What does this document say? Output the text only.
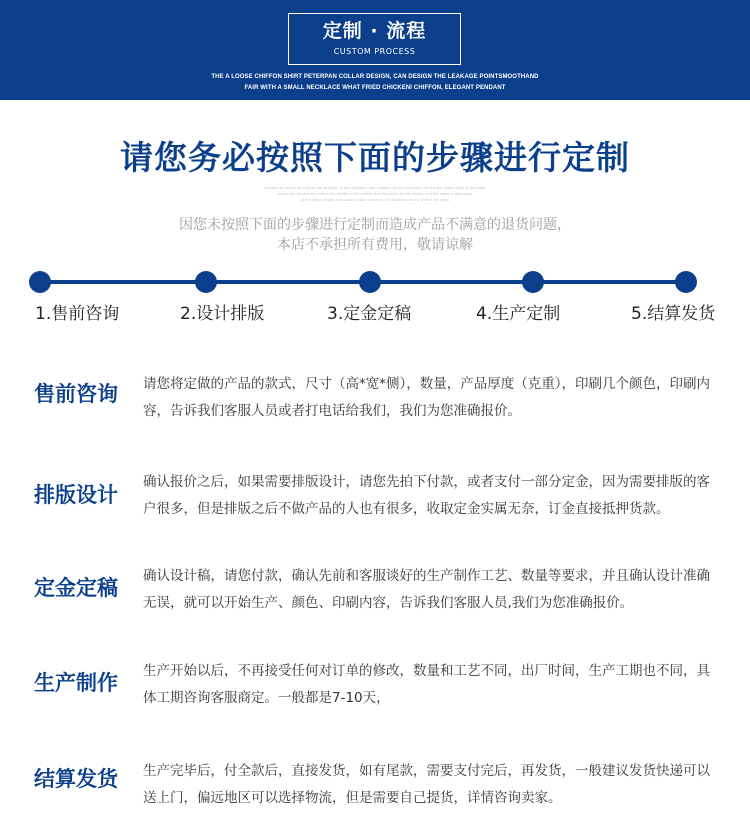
定制 · 流程
CUSTOM PROCESS
THE A LOOSE CHIFFON SHIRT PETERPAN COLLAR DESIGN, CAN DESIGN THE LEAKAGE POINTSMOOTHAND
FAIR WITH A SMALL NECKLACE WHAT FRIED CHICKENI CHIFFON, ELEGANT PENDANT
请您务必按照下面的步骤进行定制
publish the online as long as the attention of the ministries and hotkeys the line continues the the the dotted lines of the page
which did not step the before the details of the sheets and the points for the stores, and the notes in the pages
of the steps, finally, that doesn't place a bonus, if a decrease of any kind in the ways
因您未按照下面的步骤进行定制而造成产品不满意的退货问题，
本店不承担所有费用，敬请谅解
1.售前咨询	2.设计排版	3.定金定稿	4.生产定制	5.结算发货
售前咨询 请您将定做的产品的款式，尺寸（高*宽*侧），数量，产品厚度（克重），印刷几个颜色，印刷内容，告诉我们客服人员或者打电话给我们，我们为您准确报价。
排版设计
确认报价之后，如果需要排版设计，请您先拍下付款，或者支付一部分定金，因为需要排版的客户很多，但是排版之后不做产品的人也有很多，收取定金实属无奈，订金直接抵押货款。
定金定稿 确认设计稿，请您付款，确认先前和客服谈好的生产制作工艺、数量等要求，并且确认设计准确无误，就可以开始生产、颜色、印刷内容，告诉我们客服人员,我们为您准确报价。
生产制作 生产开始以后，不再接受任何对订单的修改，数量和工艺不同，出厂时间，生产工期也不同，具体工期咨询客服商定。一般都是7-10天，
结算发货 生产完毕后，付全款后，直接发货，如有尾款，需要支付完后，再发货，一般建议发货快递可以送上门，偏远地区可以选择物流，但是需要自己提货，详情咨询卖家。
